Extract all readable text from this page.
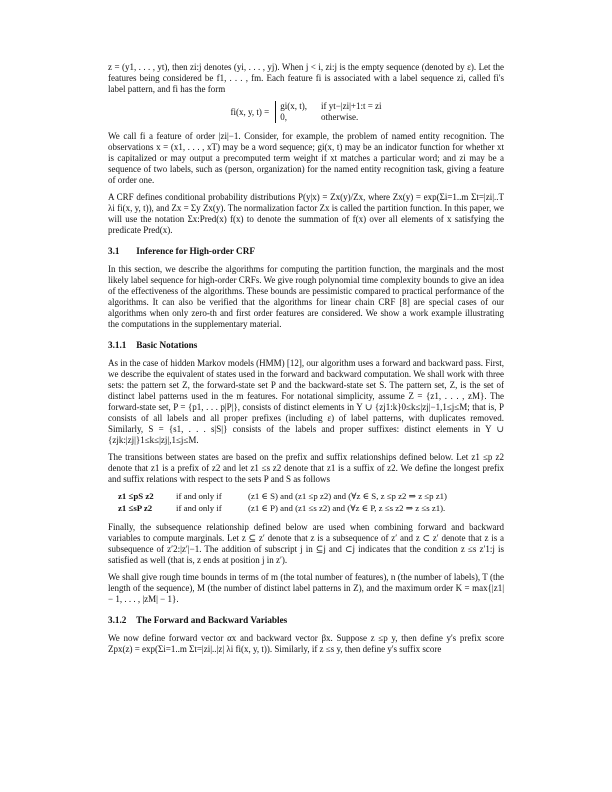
z = (y1, . . . , yt), then zi:j denotes (yi, . . . , yj). When j < i, zi:j is the empty sequence (denoted by ε). Let the features being considered be f1, . . . , fm. Each feature fi is associated with a label sequence zi, called fi's label pattern, and fi has the form

fi(x, y, t) =
gi(x, t), if yt−|zi|+1:t = zi
0,	otherwise.

We call fi a feature of order |zi|−1. Consider, for example, the problem of named entity recognition. The observations x = (x1, . . . , xT) may be a word sequence; gi(x, t) may be an indicator function for whether xt is capitalized or may output a precomputed term weight if xt matches a particular word; and zi may be a sequence of two labels, such as (person, organization) for the named entity recognition task, giving a feature of order one.

A CRF defines conditional probability distributions P(y|x) = Zx(y)/Zx, where Zx(y) = exp(Σi=1..m Σt=|zi|..T λi fi(x, y, t)), and Zx = Σy Zx(y). The normalization factor Zx is called the partition function. In this paper, we will use the notation Σx:Pred(x) f(x) to denote the summation of f(x) over all elements of x satisfying the predicate Pred(x).

3.1 Inference for High-order CRF

In this section, we describe the algorithms for computing the partition function, the marginals and the most likely label sequence for high-order CRFs. We give rough polynomial time complexity bounds to give an idea of the effectiveness of the algorithms. These bounds are pessimistic compared to practical performance of the algorithms. It can also be verified that the algorithms for linear chain CRF [8] are special cases of our algorithms when only zero-th and first order features are considered. We show a work example illustrating the computations in the supplementary material.

3.1.1 Basic Notations

As in the case of hidden Markov models (HMM) [12], our algorithm uses a forward and backward pass. First, we describe the equivalent of states used in the forward and backward computation. We shall work with three sets: the pattern set Z, the forward-state set P and the backward-state set S. The pattern set, Z, is the set of distinct label patterns used in the m features. For notational simplicity, assume Z = {z1, . . . , zM}. The forward-state set, P = {p1, . . . p|P|}, consists of distinct elements in Y ∪ {zj1:k}0≤k≤|zj|−1,1≤j≤M; that is, P consists of all labels and all proper prefixes (including ε) of label patterns, with duplicates removed. Similarly, S = {s1, . . . s|S|} consists of the labels and proper suffixes: distinct elements in Y ∪ {zjk:|zj|}1≤k≤|zj|,1≤j≤M.

The transitions between states are based on the prefix and suffix relationships defined below. Let z1 ≤p z2 denote that z1 is a prefix of z2 and let z1 ≤s z2 denote that z1 is a suffix of z2. We define the longest prefix and suffix relations with respect to the sets P and S as follows

z1 ≤pS z2	if and only if	(z1 ∈ S) and (z1 ≤p z2) and (∀z ∈ S, z ≤p z2 ⇒ z ≤p z1)
z1 ≤sP z2	if and only if	(z1 ∈ P) and (z1 ≤s z2) and (∀z ∈ P, z ≤s z2 ⇒ z ≤s z1).

Finally, the subsequence relationship defined below are used when combining forward and backward variables to compute marginals. Let z ⊆ z′ denote that z is a subsequence of z′ and z ⊂ z′ denote that z is a subsequence of z′2:|z′|−1. The addition of subscript j in ⊆j and ⊂j indicates that the condition z ≤s z′1:j is satisfied as well (that is, z ends at position j in z′).

We shall give rough time bounds in terms of m (the total number of features), n (the number of labels), T (the length of the sequence), M (the number of distinct label patterns in Z), and the maximum order K = max{|z1| − 1, . . . , |zM| − 1}.

3.1.2 The Forward and Backward Variables

We now define forward vector αx and backward vector βx. Suppose z ≤p y, then define y's prefix score Zpx(z) = exp(Σi=1..m Σt=|zi|..|z| λi fi(x, y, t)). Similarly, if z ≤s y, then define y's suffix score
